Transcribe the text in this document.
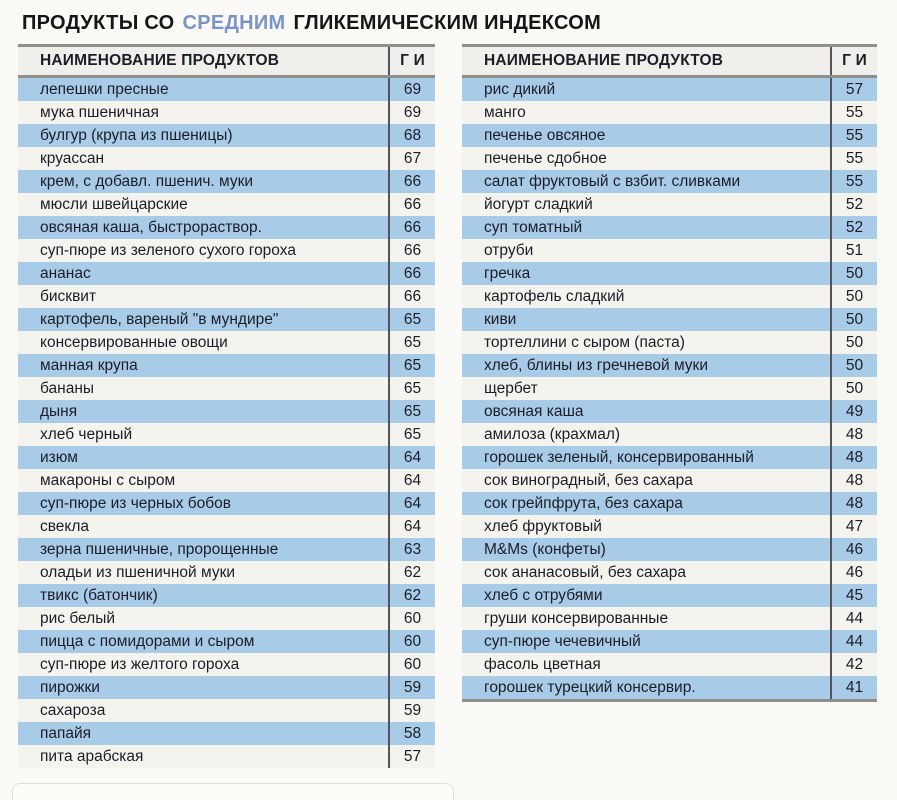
ПРОДУКТЫ СО СРЕДНИМ ГЛИКЕМИЧЕСКИМ ИНДЕКСОМ
НАИМЕНОВАНИЕ ПРОДУКТОВ	Г И
лепешки пресные	69
мука пшеничная	69
булгур (крупа из пшеницы)	68
круассан	67
крем, с добавл. пшенич. муки	66
мюсли швейцарские	66
овсяная каша, быстрораствор.	66
суп-пюре из зеленого сухого гороха	66
ананас	66
бисквит	66
картофель, вареный "в мундире"	65
консервированные овощи	65
манная крупа	65
бананы	65
дыня	65
хлеб черный	65
изюм	64
макароны с сыром	64
суп-пюре из черных бобов	64
свекла	64
зерна пшеничные, пророщенные	63
оладьи из пшеничной муки	62
твикс (батончик)	62
рис белый	60
пицца с помидорами и сыром	60
суп-пюре из желтого гороха	60
пирожки	59
сахароза	59
папайя	58
пита арабская	57
НАИМЕНОВАНИЕ ПРОДУКТОВ	Г И
рис дикий	57
манго	55
печенье овсяное	55
печенье сдобное	55
салат фруктовый с взбит. сливками	55
йогурт сладкий	52
суп томатный	52
отруби	51
гречка	50
картофель сладкий	50
киви	50
тортеллини с сыром (паста)	50
хлеб, блины из гречневой муки	50
щербет	50
овсяная каша	49
амилоза (крахмал)	48
горошек зеленый, консервированный	48
сок виноградный, без сахара	48
сок грейпфрута, без сахара	48
хлеб фруктовый	47
M&Ms (конфеты)	46
сок ананасовый, без сахара	46
хлеб с отрубями	45
груши консервированные	44
суп-пюре чечевичный	44
фасоль цветная	42
горошек турецкий консервир.	41
